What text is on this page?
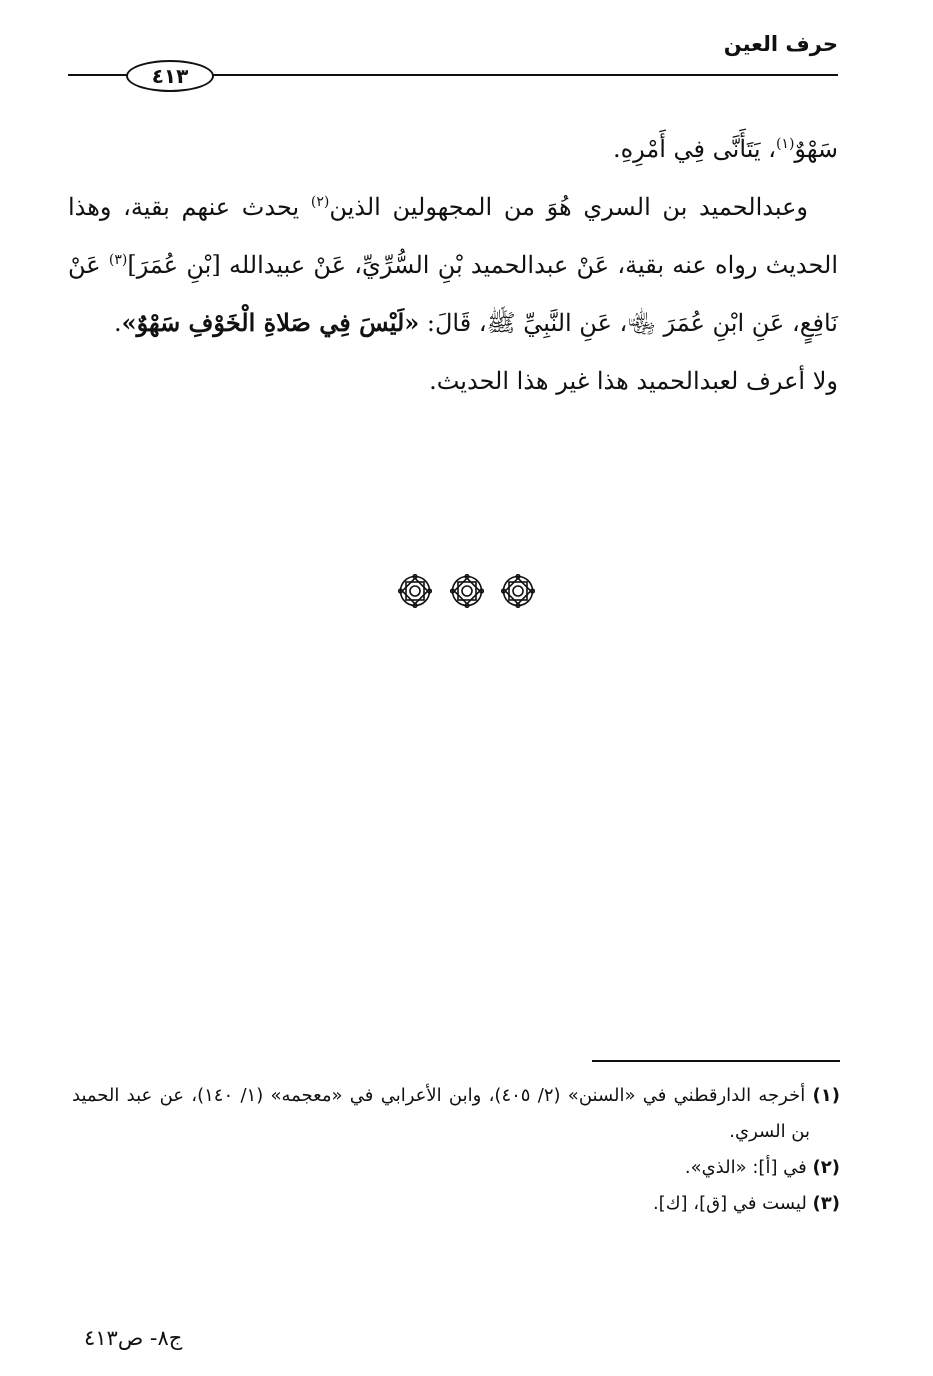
حرف العين
٤١٣

سَهْوٌ$^{(١)}$، يَتَأَنَّى فِي أَمْرِهِ.

وعبدالحميد بن السري هُوَ من المجهولين الذين$^{(٢)}$ يحدث عنهم بقية، وهذا الحديث رواه عنه بقية، عَنْ عبدالحميد بْنِ السُّرِّيِّ، عَنْ عبيدالله [بْنِ عُمَرَ]$^{(٣)}$ عَنْ نَافِعٍ، عَنِ ابْنِ عُمَرَ ﵄، عَنِ النَّبِيِّ ﷺ، قَالَ: «لَيْسَ فِي صَلاةِ الْخَوْفِ سَهْوٌ».

ولا أعرف لعبدالحميد هذا غير هذا الحديث.

(١) أخرجه الدارقطني في «السنن» (٢/ ٤٠٥)، وابن الأعرابي في «معجمه» (١/ ١٤٠)، عن عبد الحميد بن السري.

(٢) في [أ]: «الذي».

(٣) ليست في [ق]، [ك].

ج٨- ص٤١٣
